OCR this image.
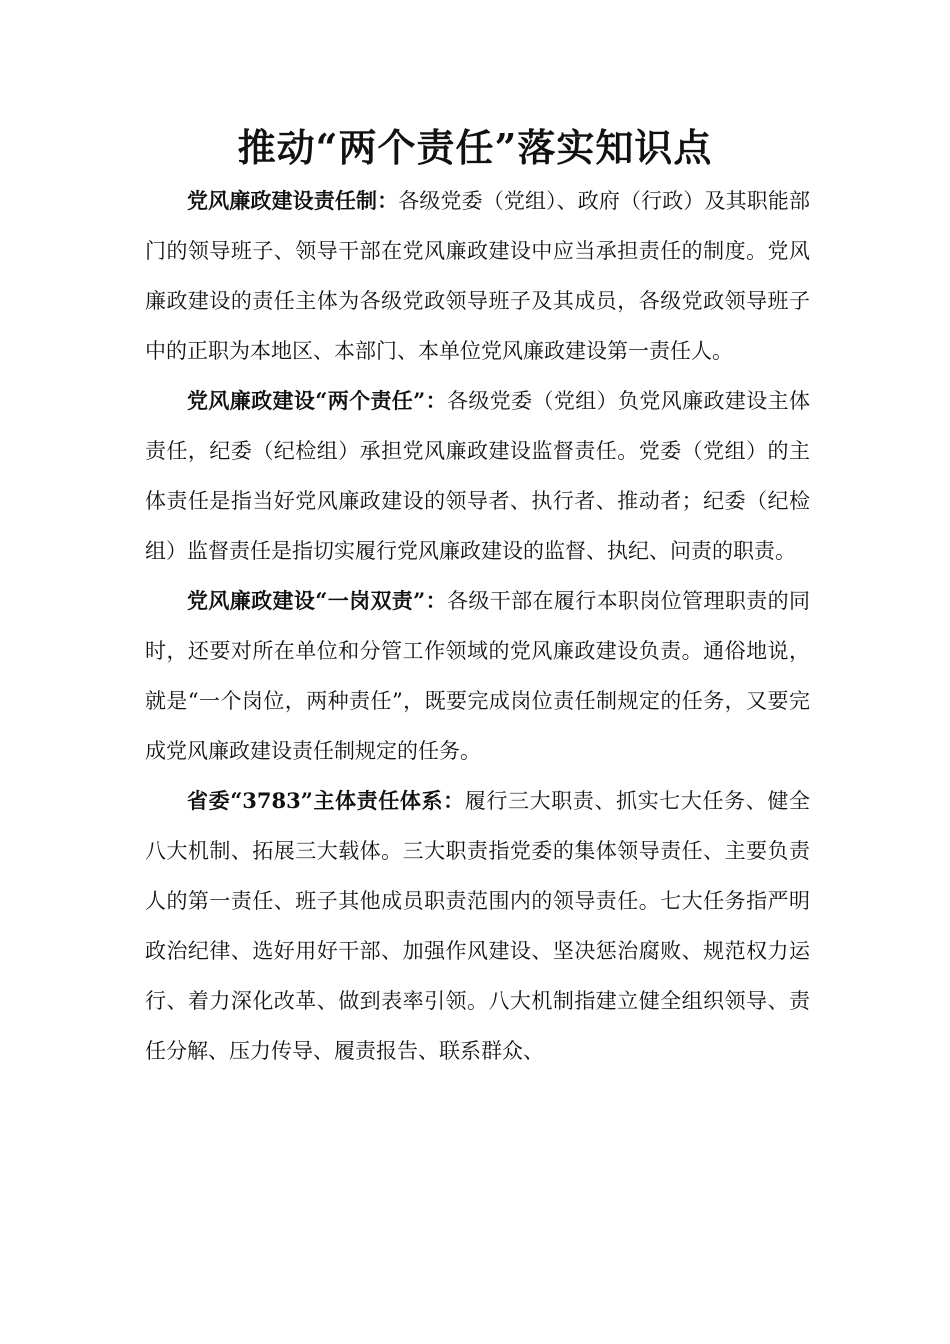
推动“两个责任”落实知识点

党风廉政建设责任制：各级党委（党组）、政府（行政）及其职能部门的领导班子、领导干部在党风廉政建设中应当承担责任的制度。党风廉政建设的责任主体为各级党政领导班子及其成员，各级党政领导班子中的正职为本地区、本部门、本单位党风廉政建设第一责任人。

党风廉政建设“两个责任”：各级党委（党组）负党风廉政建设主体责任，纪委（纪检组）承担党风廉政建设监督责任。党委（党组）的主体责任是指当好党风廉政建设的领导者、执行者、推动者；纪委（纪检组）监督责任是指切实履行党风廉政建设的监督、执纪、问责的职责。

党风廉政建设“一岗双责”：各级干部在履行本职岗位管理职责的同时，还要对所在单位和分管工作领域的党风廉政建设负责。通俗地说，就是“一个岗位，两种责任”，既要完成岗位责任制规定的任务，又要完成党风廉政建设责任制规定的任务。

省委“3783”主体责任体系：履行三大职责、抓实七大任务、健全八大机制、拓展三大载体。三大职责指党委的集体领导责任、主要负责人的第一责任、班子其他成员职责范围内的领导责任。七大任务指严明政治纪律、选好用好干部、加强作风建设、坚决惩治腐败、规范权力运行、着力深化改革、做到表率引领。八大机制指建立健全组织领导、责任分解、压力传导、履责报告、联系群众、
